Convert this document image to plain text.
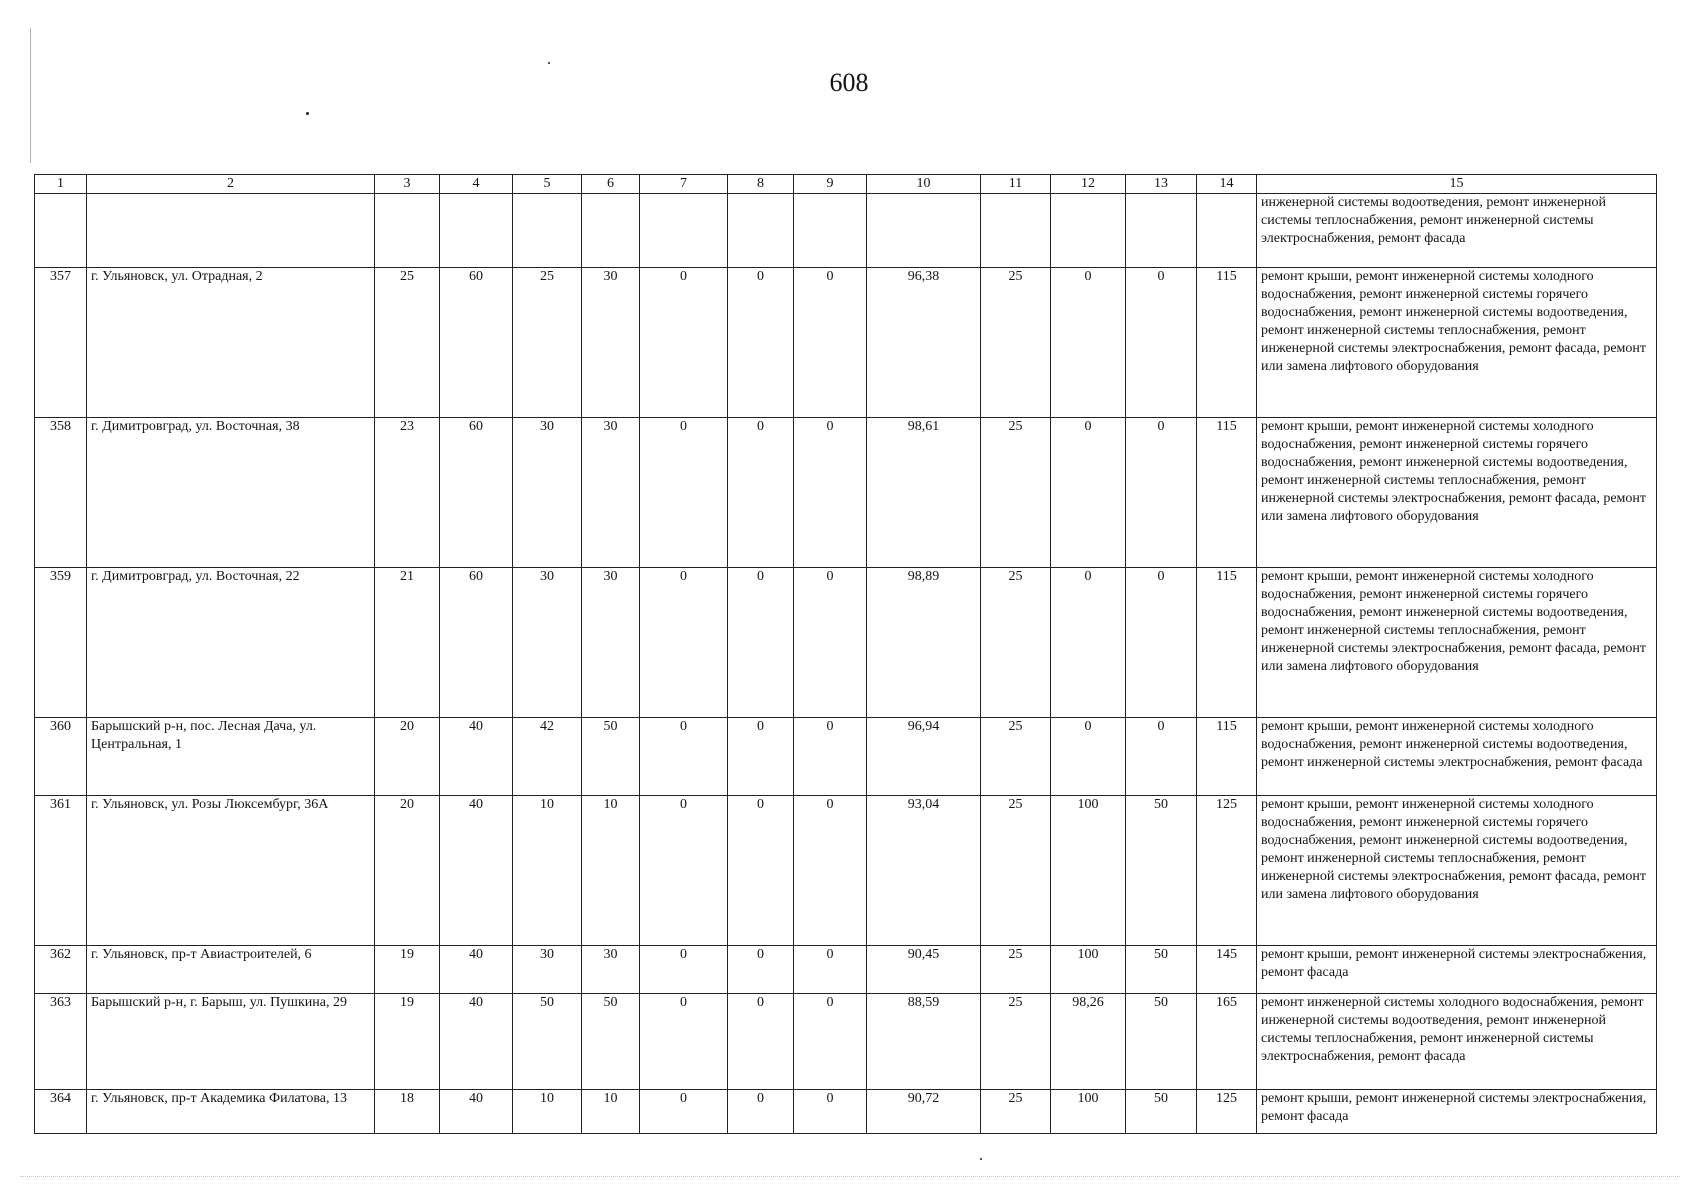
608
1	2	3	4	5	6	7	8	9	10	11	12	13	14	15
														инженерной системы водоотведения, ремонт инженерной системы теплоснабжения, ремонт инженерной системы электроснабжения, ремонт фасада
357	г. Ульяновск, ул. Отрадная, 2	25	60	25	30	0	0	0	96,38	25	0	0	115	ремонт крыши, ремонт инженерной системы холодного водоснабжения, ремонт инженерной системы горячего водоснабжения, ремонт инженерной системы водоотведения, ремонт инженерной системы теплоснабжения, ремонт инженерной системы электроснабжения, ремонт фасада, ремонт или замена лифтового оборудования
358	г. Димитровград, ул. Восточная, 38	23	60	30	30	0	0	0	98,61	25	0	0	115	ремонт крыши, ремонт инженерной системы холодного водоснабжения, ремонт инженерной системы горячего водоснабжения, ремонт инженерной системы водоотведения, ремонт инженерной системы теплоснабжения, ремонт инженерной системы электроснабжения, ремонт фасада, ремонт или замена лифтового оборудования
359	г. Димитровград, ул. Восточная, 22	21	60	30	30	0	0	0	98,89	25	0	0	115	ремонт крыши, ремонт инженерной системы холодного водоснабжения, ремонт инженерной системы горячего водоснабжения, ремонт инженерной системы водоотведения, ремонт инженерной системы теплоснабжения, ремонт инженерной системы электроснабжения, ремонт фасада, ремонт или замена лифтового оборудования
360	Барышский р-н, пос. Лесная Дача, ул. Центральная, 1	20	40	42	50	0	0	0	96,94	25	0	0	115	ремонт крыши, ремонт инженерной системы холодного водоснабжения, ремонт инженерной системы водоотведения, ремонт инженерной системы электроснабжения, ремонт фасада
361	г. Ульяновск, ул. Розы Люксембург, 36А	20	40	10	10	0	0	0	93,04	25	100	50	125	ремонт крыши, ремонт инженерной системы холодного водоснабжения, ремонт инженерной системы горячего водоснабжения, ремонт инженерной системы водоотведения, ремонт инженерной системы теплоснабжения, ремонт инженерной системы электроснабжения, ремонт фасада, ремонт или замена лифтового оборудования
362	г. Ульяновск, пр-т Авиастроителей, 6	19	40	30	30	0	0	0	90,45	25	100	50	145	ремонт крыши, ремонт инженерной системы электроснабжения, ремонт фасада
363	Барышский р-н, г. Барыш, ул. Пушкина, 29	19	40	50	50	0	0	0	88,59	25	98,26	50	165	ремонт инженерной системы холодного водоснабжения, ремонт инженерной системы водоотведения, ремонт инженерной системы теплоснабжения, ремонт инженерной системы электроснабжения, ремонт фасада
364	г. Ульяновск, пр-т Академика Филатова, 13	18	40	10	10	0	0	0	90,72	25	100	50	125	ремонт крыши, ремонт инженерной системы электроснабжения, ремонт фасада
